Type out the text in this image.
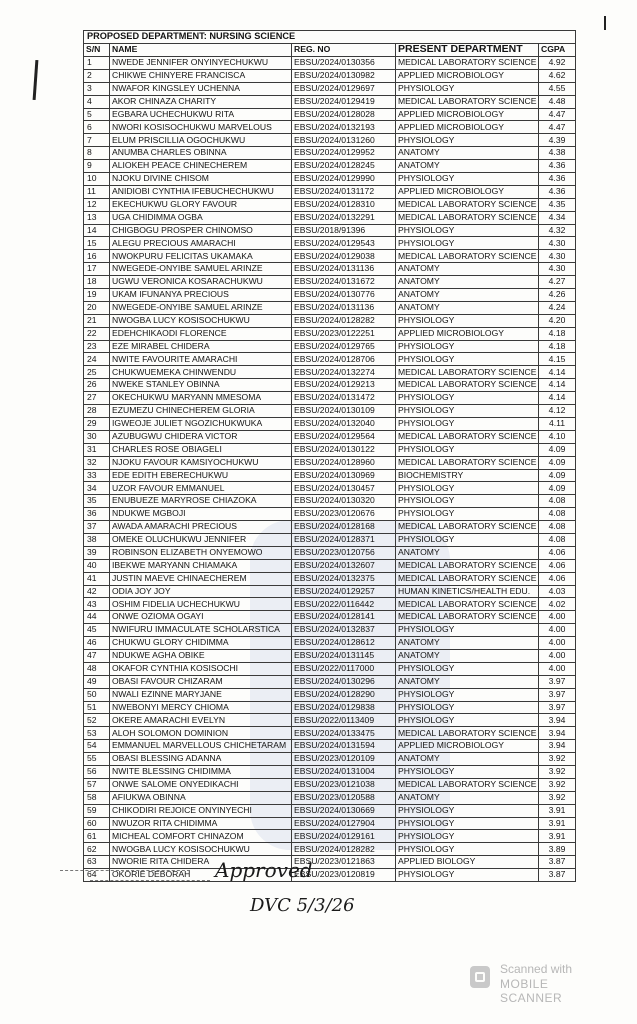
PROPOSED DEPARTMENT: NURSING SCIENCE				
S/N	NAME	REG. NO	PRESENT DEPARTMENT	CGPA
1	NWEDE JENNIFER ONYINYECHUKWU	EBSU/2024/0130356	MEDICAL LABORATORY SCIENCE	4.92
2	CHIKWE CHINYERE FRANCISCA	EBSU/2024/0130982	APPLIED MICROBIOLOGY	4.62
3	NWAFOR KINGSLEY UCHENNA	EBSU/2024/0129697	PHYSIOLOGY	4.55
4	AKOR CHINAZA CHARITY	EBSU/2024/0129419	MEDICAL LABORATORY SCIENCE	4.48
5	EGBARA UCHECHUKWU RITA	EBSU/2024/0128028	APPLIED MICROBIOLOGY	4.47
6	NWORI KOSISOCHUKWU MARVELOUS	EBSU/2024/0132193	APPLIED MICROBIOLOGY	4.47
7	ELUM PRISCILLIA OGOCHUKWU	EBSU/2024/0131260	PHYSIOLOGY	4.39
8	ANUMBA CHARLES OBINNA	EBSU/2024/0129952	ANATOMY	4.38
9	ALIOKEH PEACE CHINECHEREM	EBSU/2024/0128245	ANATOMY	4.36
10	NJOKU DIVINE CHISOM	EBSU/2024/0129990	PHYSIOLOGY	4.36
11	ANIDIOBI CYNTHIA IFEBUCHECHUKWU	EBSU/2024/0131172	APPLIED MICROBIOLOGY	4.36
12	EKECHUKWU GLORY FAVOUR	EBSU/2024/0128310	MEDICAL LABORATORY SCIENCE	4.35
13	UGA CHIDIMMA OGBA	EBSU/2024/0132291	MEDICAL LABORATORY SCIENCE	4.34
14	CHIGBOGU PROSPER CHINOMSO	EBSU/2018/91396	PHYSIOLOGY	4.32
15	ALEGU PRECIOUS AMARACHI	EBSU/2024/0129543	PHYSIOLOGY	4.30
16	NWOKPURU FELICITAS UKAMAKA	EBSU/2024/0129038	MEDICAL LABORATORY SCIENCE	4.30
17	NWEGEDE-ONYIBE SAMUEL ARINZE	EBSU/2024/0131136	ANATOMY	4.30
18	UGWU VERONICA KOSARACHUKWU	EBSU/2024/0131672	ANATOMY	4.27
19	UKAM IFUNANYA PRECIOUS	EBSU/2024/0130776	ANATOMY	4.26
20	NWEGEDE-ONYIBE SAMUEL ARINZE	EBSU/2024/0131136	ANATOMY	4.24
21	NWOGBA LUCY KOSISOCHUKWU	EBSU/2024/0128282	PHYSIOLOGY	4.20
22	EDEHCHIKAODI FLORENCE	EBSU/2023/0122251	APPLIED MICROBIOLOGY	4.18
23	EZE MIRABEL CHIDERA	EBSU/2024/0129765	PHYSIOLOGY	4.18
24	NWITE FAVOURITE AMARACHI	EBSU/2024/0128706	PHYSIOLOGY	4.15
25	CHUKWUEMEKA CHINWENDU	EBSU/2024/0132274	MEDICAL LABORATORY SCIENCE	4.14
26	NWEKE STANLEY OBINNA	EBSU/2024/0129213	MEDICAL LABORATORY SCIENCE	4.14
27	OKECHUKWU MARYANN MMESOMA	EBSU/2024/0131472	PHYSIOLOGY	4.14
28	EZUMEZU CHINECHEREM GLORIA	EBSU/2024/0130109	PHYSIOLOGY	4.12
29	IGWEOJE JULIET NGOZICHUKWUKA	EBSU/2024/0132040	PHYSIOLOGY	4.11
30	AZUBUGWU CHIDERA VICTOR	EBSU/2024/0129564	MEDICAL LABORATORY SCIENCE	4.10
31	CHARLES ROSE OBIAGELI	EBSU/2024/0130122	PHYSIOLOGY	4.09
32	NJOKU FAVOUR KAMSIYOCHUKWU	EBSU/2024/0128960	MEDICAL LABORATORY SCIENCE	4.09
33	EDE EDITH EBERECHUKWU	EBSU/2024/0130969	BIOCHEMISTRY	4.09
34	UZOR FAVOUR EMMANUEL	EBSU/2024/0130457	PHYSIOLOGY	4.09
35	ENUBUEZE MARYROSE CHIAZOKA	EBSU/2024/0130320	PHYSIOLOGY	4.08
36	NDUKWE MGBOJI	EBSU/2023/0120676	PHYSIOLOGY	4.08
37	AWADA AMARACHI PRECIOUS	EBSU/2024/0128168	MEDICAL LABORATORY SCIENCE	4.08
38	OMEKE OLUCHUKWU JENNIFER	EBSU/2024/0128371	PHYSIOLOGY	4.08
39	ROBINSON ELIZABETH ONYEMOWO	EBSU/2023/0120756	ANATOMY	4.06
40	IBEKWE MARYANN CHIAMAKA	EBSU/2024/0132607	MEDICAL LABORATORY SCIENCE	4.06
41	JUSTIN MAEVE CHINAECHEREM	EBSU/2024/0132375	MEDICAL LABORATORY SCIENCE	4.06
42	ODIA JOY JOY	EBSU/2024/0129257	HUMAN KINETICS/HEALTH EDU.	4.03
43	OSHIM FIDELIA UCHECHUKWU	EBSU/2022/0116442	MEDICAL LABORATORY SCIENCE	4.02
44	ONWE OZIOMA OGAYI	EBSU/2024/0128141	MEDICAL LABORATORY SCIENCE	4.00
45	NWIFURU IMMACULATE SCHOLARSTICA	EBSU/2024/0132837	PHYSIOLOGY	4.00
46	CHUKWU GLORY CHIDIMMA	EBSU/2024/0128612	ANATOMY	4.00
47	NDUKWE AGHA OBIKE	EBSU/2024/0131145	ANATOMY	4.00
48	OKAFOR CYNTHIA KOSISOCHI	EBSU/2022/0117000	PHYSIOLOGY	4.00
49	OBASI FAVOUR CHIZARAM	EBSU/2024/0130296	ANATOMY	3.97
50	NWALI EZINNE MARYJANE	EBSU/2024/0128290	PHYSIOLOGY	3.97
51	NWEBONYI MERCY CHIOMA	EBSU/2024/0129838	PHYSIOLOGY	3.97
52	OKERE AMARACHI EVELYN	EBSU/2022/0113409	PHYSIOLOGY	3.94
53	ALOH SOLOMON DOMINION	EBSU/2024/0133475	MEDICAL LABORATORY SCIENCE	3.94
54	EMMANUEL MARVELLOUS CHICHETARAM	EBSU/2024/0131594	APPLIED MICROBIOLOGY	3.94
55	OBASI BLESSING ADANNA	EBSU/2023/0120109	ANATOMY	3.92
56	NWITE BLESSING CHIDIMMA	EBSU/2024/0131004	PHYSIOLOGY	3.92
57	ONWE SALOME ONYEDIKACHI	EBSU/2023/0121038	MEDICAL LABORATORY SCIENCE	3.92
58	AFIUKWA OBINNA	EBSU/2023/0120588	ANATOMY	3.92
59	CHIKODIRI REJOICE ONYINYECHI	EBSU/2024/0130669	PHYSIOLOGY	3.91
60	NWUZOR RITA CHIDIMMA	EBSU/2024/0127904	PHYSIOLOGY	3.91
61	MICHEAL COMFORT CHINAZOM	EBSU/2024/0129161	PHYSIOLOGY	3.91
62	NWOGBA LUCY KOSISOCHUKWU	EBSU/2024/0128282	PHYSIOLOGY	3.89
63	NWORIE RITA CHIDERA	EBSU/2023/0121863	APPLIED BIOLOGY	3.87
64	OKORIE DEBORAH	EBSU/2023/0120819	PHYSIOLOGY	3.87
Approved
DVC 5/3/26
Scanned with
MOBILE SCANNER
